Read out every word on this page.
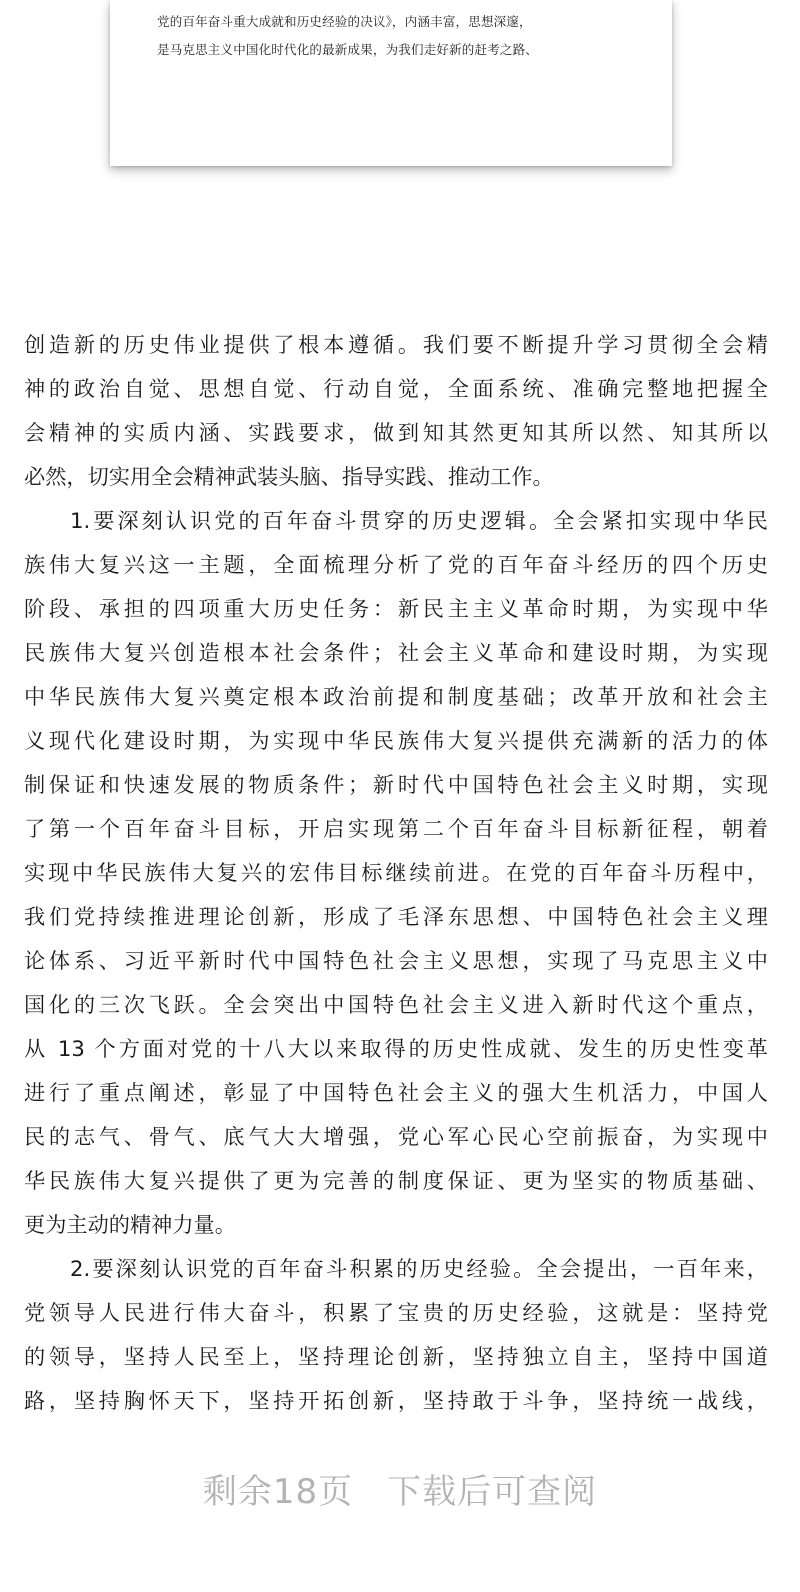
党的百年奋斗重大成就和历史经验的决议》，内涵丰富，思想深邃，
是马克思主义中国化时代化的最新成果，为我们走好新的赶考之路、
创造新的历史伟业提供了根本遵循。我们要不断提升学习贯彻全会精
神的政治自觉、思想自觉、行动自觉，全面系统、准确完整地把握全
会精神的实质内涵、实践要求，做到知其然更知其所以然、知其所以
必然，切实用全会精神武装头脑、指导实践、推动工作。
1.要深刻认识党的百年奋斗贯穿的历史逻辑。全会紧扣实现中华民
族伟大复兴这一主题，全面梳理分析了党的百年奋斗经历的四个历史
阶段、承担的四项重大历史任务：新民主主义革命时期，为实现中华
民族伟大复兴创造根本社会条件；社会主义革命和建设时期，为实现
中华民族伟大复兴奠定根本政治前提和制度基础；改革开放和社会主
义现代化建设时期，为实现中华民族伟大复兴提供充满新的活力的体
制保证和快速发展的物质条件；新时代中国特色社会主义时期，实现
了第一个百年奋斗目标，开启实现第二个百年奋斗目标新征程，朝着
实现中华民族伟大复兴的宏伟目标继续前进。在党的百年奋斗历程中，
我们党持续推进理论创新，形成了毛泽东思想、中国特色社会主义理
论体系、习近平新时代中国特色社会主义思想，实现了马克思主义中
国化的三次飞跃。全会突出中国特色社会主义进入新时代这个重点，
从 13 个方面对党的十八大以来取得的历史性成就、发生的历史性变革
进行了重点阐述，彰显了中国特色社会主义的强大生机活力，中国人
民的志气、骨气、底气大大增强，党心军心民心空前振奋，为实现中
华民族伟大复兴提供了更为完善的制度保证、更为坚实的物质基础、
更为主动的精神力量。
2.要深刻认识党的百年奋斗积累的历史经验。全会提出，一百年来，
党领导人民进行伟大奋斗，积累了宝贵的历史经验，这就是：坚持党
的领导，坚持人民至上，坚持理论创新，坚持独立自主，坚持中国道
路，坚持胸怀天下，坚持开拓创新，坚持敢于斗争，坚持统一战线，
剩余18页 下载后可查阅
